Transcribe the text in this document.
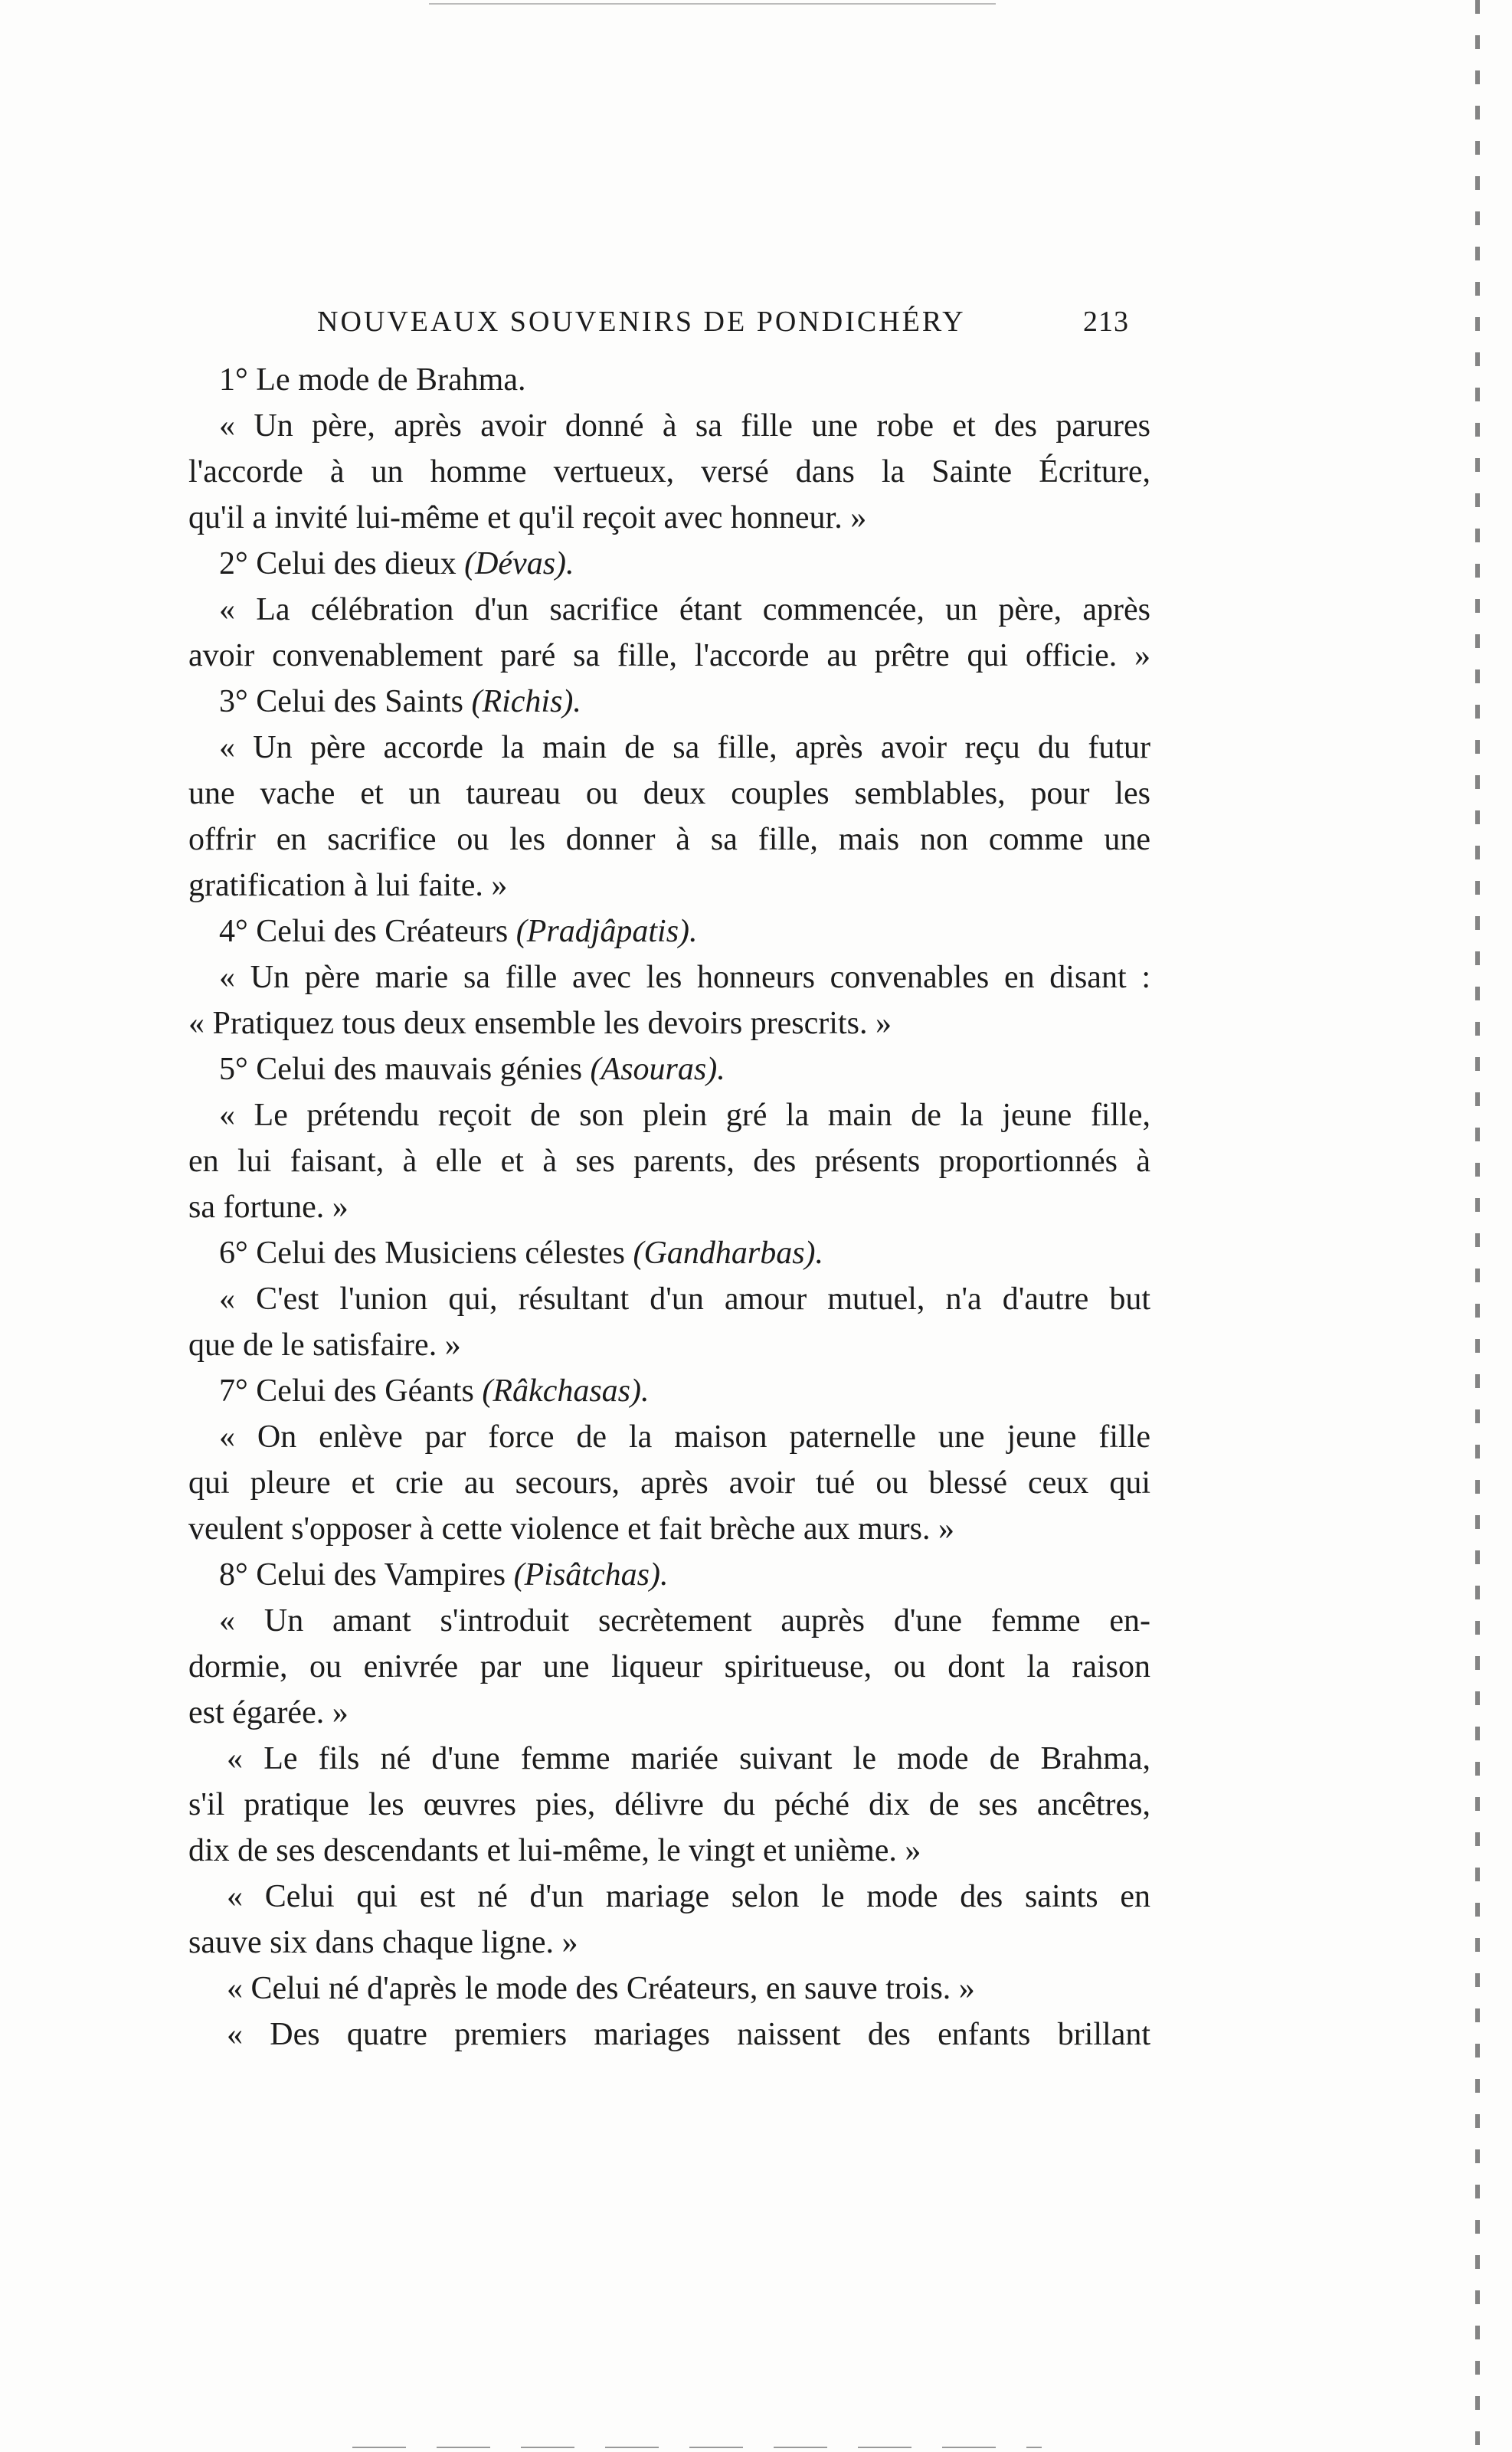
NOUVEAUX SOUVENIRS DE PONDICHÉRY	213
1° Le mode de Brahma.
« Un père, après avoir donné à sa fille une robe et des parures
l'accorde à un homme vertueux, versé dans la Sainte Écriture,
qu'il a invité lui-même et qu'il reçoit avec honneur. »
2° Celui des dieux (Dévas).
« La célébration d'un sacrifice étant commencée, un père, après
avoir convenablement paré sa fille, l'accorde au prêtre qui officie. »
3° Celui des Saints (Richis).
« Un père accorde la main de sa fille, après avoir reçu du futur
une vache et un taureau ou deux couples semblables, pour les
offrir en sacrifice ou les donner à sa fille, mais non comme une
gratification à lui faite. »
4° Celui des Créateurs (Pradjâpatis).
« Un père marie sa fille avec les honneurs convenables en disant :
« Pratiquez tous deux ensemble les devoirs prescrits. »
5° Celui des mauvais génies (Asouras).
« Le prétendu reçoit de son plein gré la main de la jeune fille,
en lui faisant, à elle et à ses parents, des présents proportionnés à
sa fortune. »
6° Celui des Musiciens célestes (Gandharbas).
« C'est l'union qui, résultant d'un amour mutuel, n'a d'autre but
que de le satisfaire. »
7° Celui des Géants (Râkchasas).
« On enlève par force de la maison paternelle une jeune fille
qui pleure et crie au secours, après avoir tué ou blessé ceux qui
veulent s'opposer à cette violence et fait brèche aux murs. »
8° Celui des Vampires (Pisâtchas).
« Un amant s'introduit secrètement auprès d'une femme en-
dormie, ou enivrée par une liqueur spiritueuse, ou dont la raison
est égarée. »
« Le fils né d'une femme mariée suivant le mode de Brahma,
s'il pratique les œuvres pies, délivre du péché dix de ses ancêtres,
dix de ses descendants et lui-même, le vingt et unième. »
« Celui qui est né d'un mariage selon le mode des saints en
sauve six dans chaque ligne. »
« Celui né d'après le mode des Créateurs, en sauve trois. »
« Des quatre premiers mariages naissent des enfants brillant
